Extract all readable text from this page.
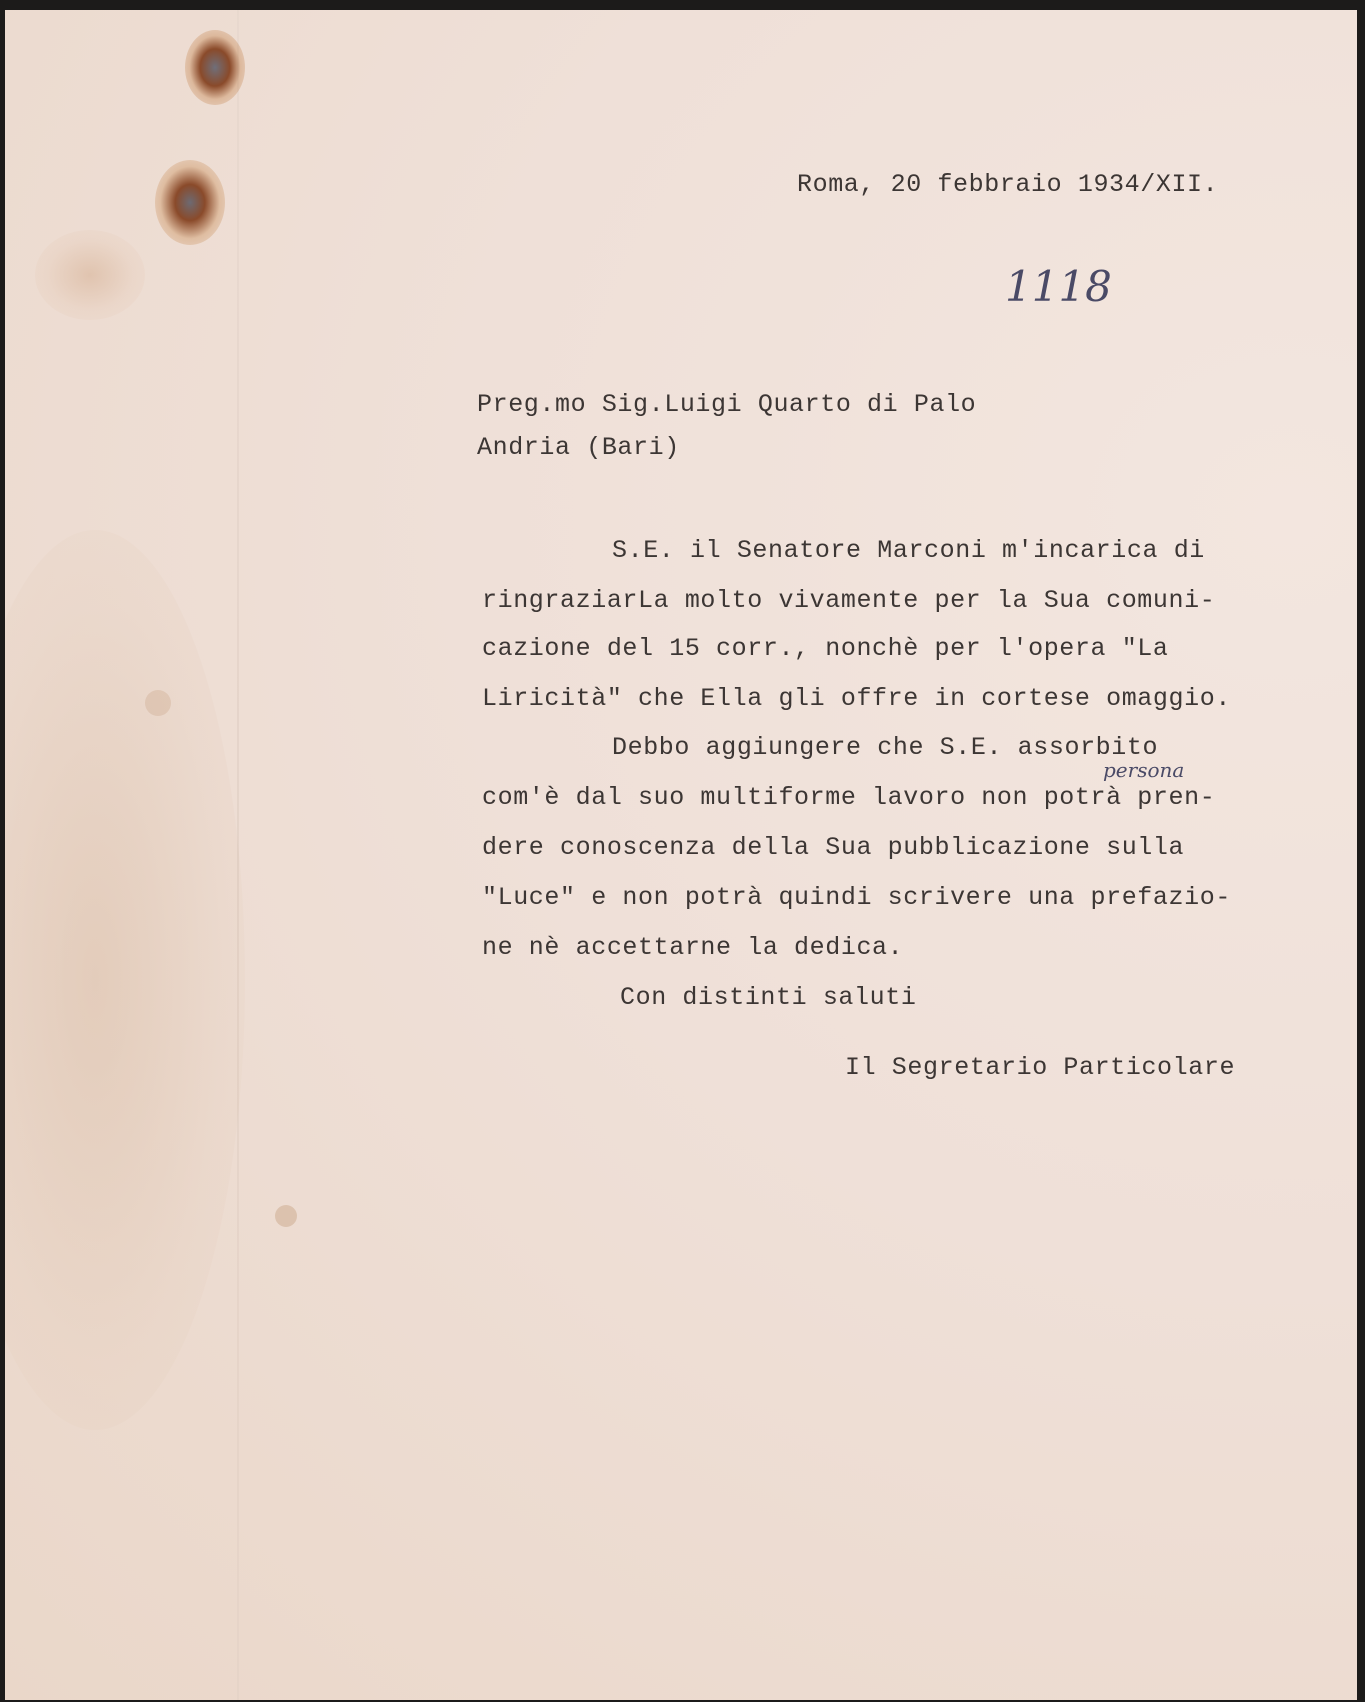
Roma, 20 febbraio 1934/XII.
1118
Preg.mo Sig.Luigi Quarto di Palo
Andria (Bari)
S.E. il Senatore Marconi m'incarica di
ringraziarLa molto vivamente per la Sua comuni-
cazione del 15 corr., nonchè per l'opera "La
Liricità" che Ella gli offre in cortese omaggio.
Debbo aggiungere che S.E. assorbito
com'è dal suo multiforme lavoro non potrà pren-
persona
dere conoscenza della Sua pubblicazione sulla
"Luce" e non potrà quindi scrivere una prefazio-
ne nè accettarne la dedica.
Con distinti saluti
Il Segretario Particolare
